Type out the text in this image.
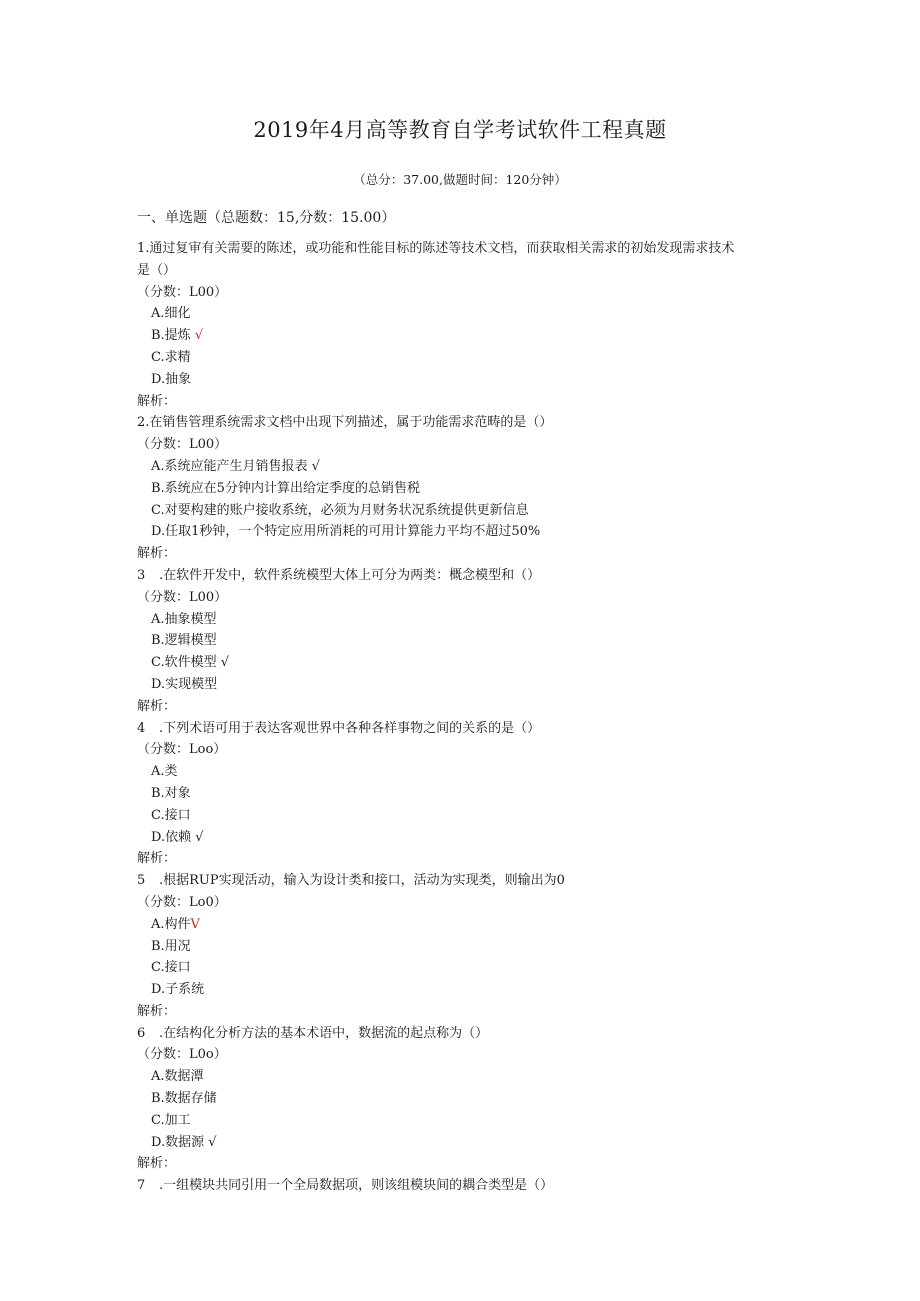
2019年4月高等教育自学考试软件工程真题
（总分：37.00,做题时间：120分钟）
一、单选题（总题数：15,分数：15.00）
1.通过复审有关需要的陈述，或功能和性能目标的陈述等技术文档，而获取相关需求的初始发现需求技术
是（）
（分数：L00）
A.细化
B.提炼 √
C.求精
D.抽象
解析：
2.在销售管理系统需求文档中出现下列描述，属于功能需求范畴的是（）
（分数：L00）
A.系统应能产生月销售报表 √
B.系统应在5分钟内计算出给定季度的总销售税
C.对要构建的账户接收系统，必须为月财务状况系统提供更新信息
D.任取1秒钟，一个特定应用所消耗的可用计算能力平均不超过50%
解析：
3 .在软件开发中，软件系统模型大体上可分为两类：概念模型和（）
（分数：L00）
A.抽象模型
B.逻辑模型
C.软件模型 √
D.实现模型
解析：
4 .下列术语可用于表达客观世界中各种各样事物之间的关系的是（）
（分数：Loo）
A.类
B.对象
C.接口
D.依赖 √
解析：
5 .根据RUP实现活动，输入为设计类和接口，活动为实现类，则输出为0
（分数：Lo0）
A.构件V
B.用况
C.接口
D.子系统
解析：
6 .在结构化分析方法的基本术语中，数据流的起点称为（）
（分数：L0o）
A.数据潭
B.数据存储
C.加工
D.数据源 √
解析：
7 .一组模块共同引用一个全局数据项，则该组模块间的耦合类型是（）
